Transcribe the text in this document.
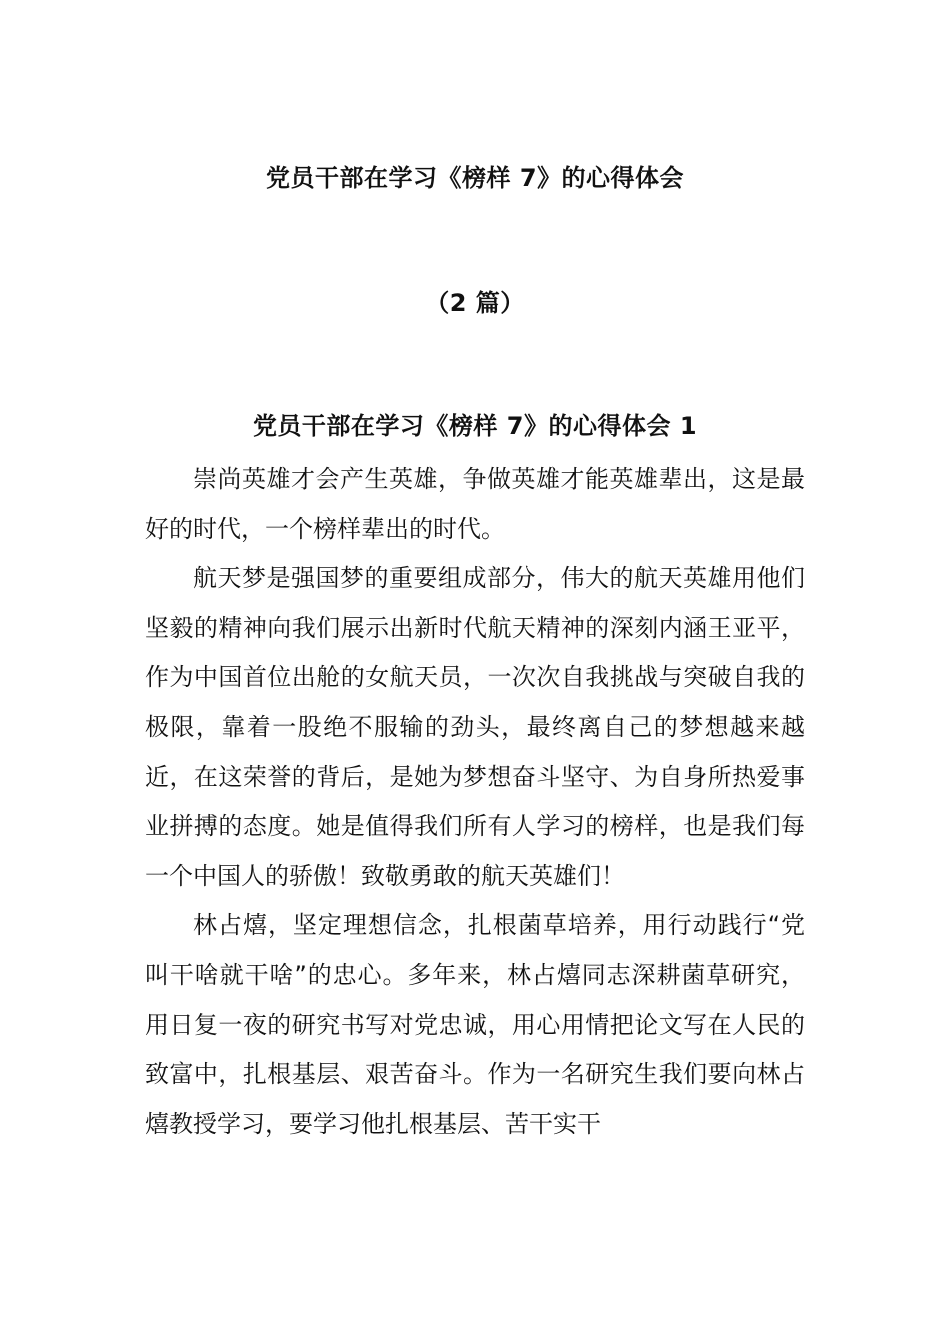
党员干部在学习《榜样 7》的心得体会
（2 篇）
党员干部在学习《榜样 7》的心得体会 1

崇尚英雄才会产生英雄，争做英雄才能英雄辈出，这是最好的时代，一个榜样辈出的时代。

航天梦是强国梦的重要组成部分，伟大的航天英雄用他们坚毅的精神向我们展示出新时代航天精神的深刻内涵王亚平，作为中国首位出舱的女航天员，一次次自我挑战与突破自我的极限，靠着一股绝不服输的劲头，最终离自己的梦想越来越近，在这荣誉的背后，是她为梦想奋斗坚守、为自身所热爱事业拼搏的态度。她是值得我们所有人学习的榜样，也是我们每一个中国人的骄傲！致敬勇敢的航天英雄们！

林占熺，坚定理想信念，扎根菌草培养，用行动践行“党叫干啥就干啥”的忠心。多年来，林占熺同志深耕菌草研究，用日复一夜的研究书写对党忠诚，用心用情把论文写在人民的致富中，扎根基层、艰苦奋斗。作为一名研究生我们要向林占熺教授学习，要学习他扎根基层、苦干实干
